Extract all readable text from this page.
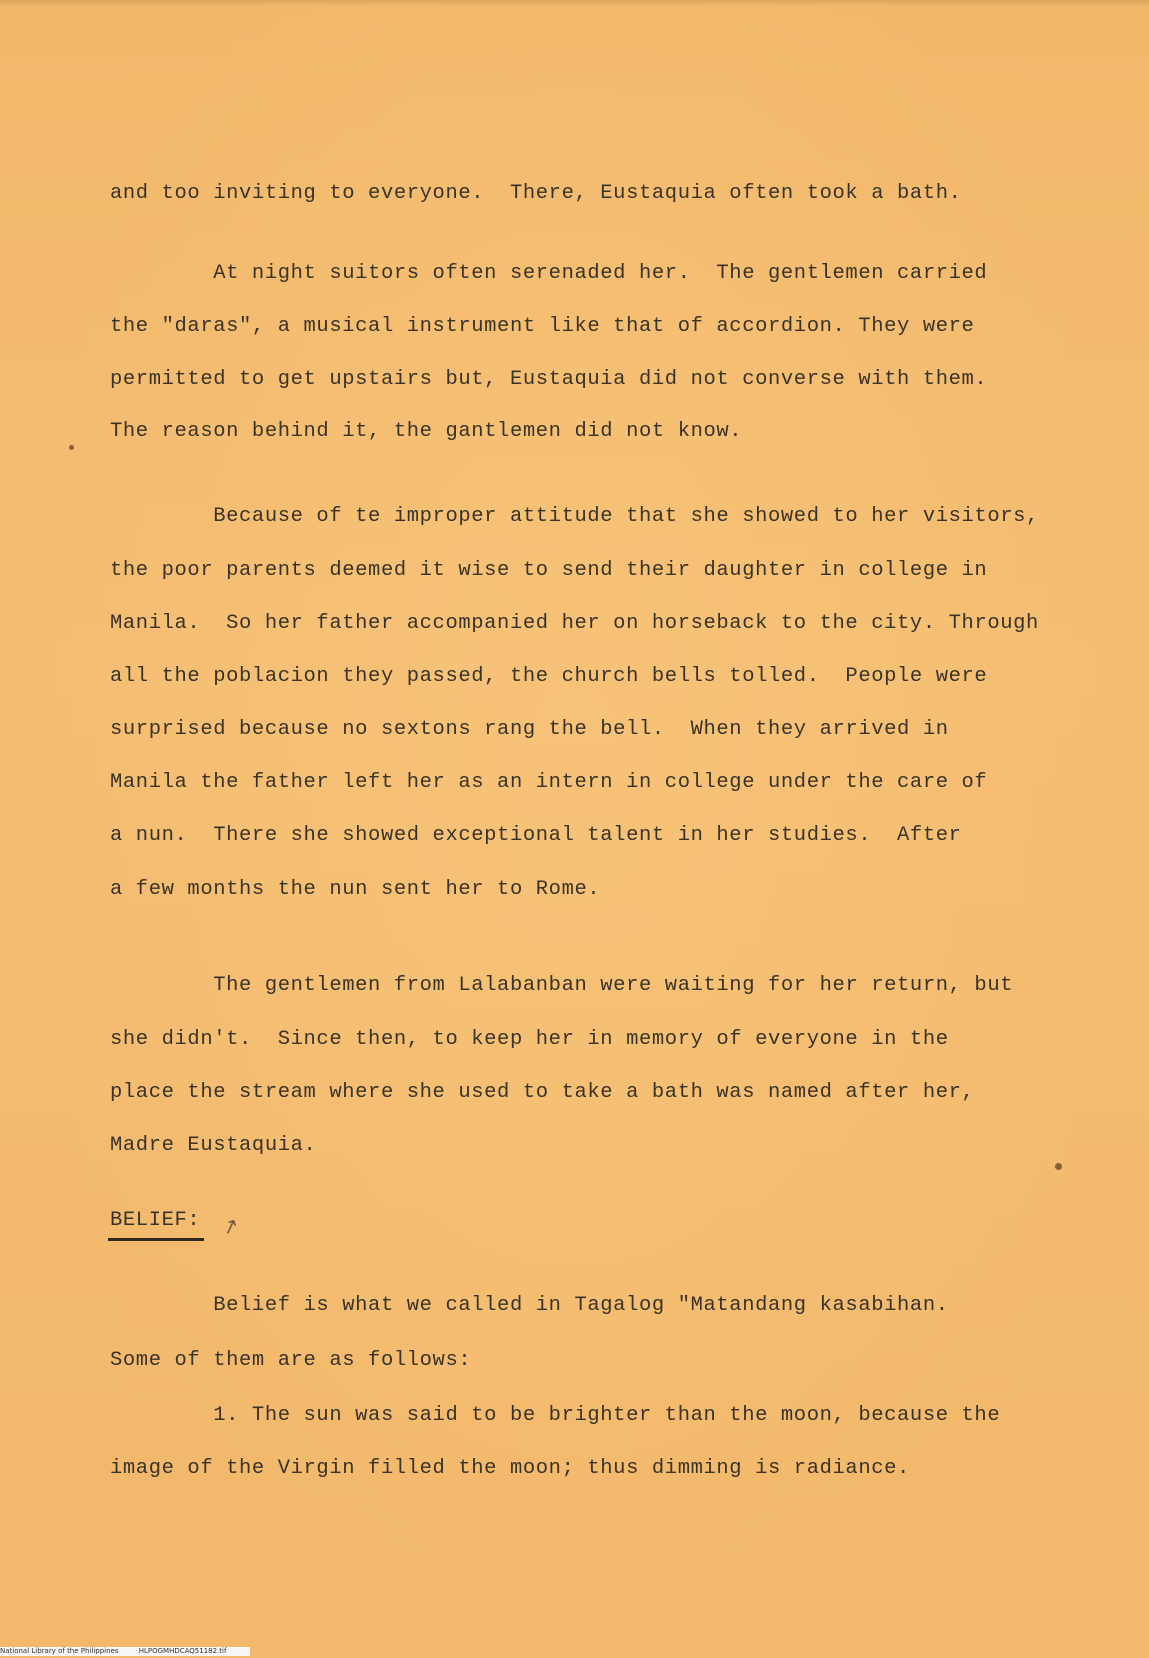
and too inviting to everyone.  There, Eustaquia often took a bath.
At night suitors often serenaded her.  The gentlemen carried
the "daras", a musical instrument like that of accordion. They were
permitted to get upstairs but, Eustaquia did not converse with them.
The reason behind it, the gantlemen did not know.
Because of te improper attitude that she showed to her visitors,
the poor parents deemed it wise to send their daughter in college in
Manila.  So her father accompanied her on horseback to the city. Through
all the poblacion they passed, the church bells tolled.  People were
surprised because no sextons rang the bell.  When they arrived in
Manila the father left her as an intern in college under the care of
a nun.  There she showed exceptional talent in her studies.  After
a few months the nun sent her to Rome.
The gentlemen from Lalabanban were waiting for her return, but
she didn't.  Since then, to keep her in memory of everyone in the
place the stream where she used to take a bath was named after her,
Madre Eustaquia.
BELIEF: ↗
Belief is what we called in Tagalog "Matandang kasabihan.
Some of them are as follows:
1. The sun was said to be brighter than the moon, because the
image of the Virgin filled the moon; thus dimming is radiance.
National Library of the Philippines	HLPOGMHDCAQ51182.tif
